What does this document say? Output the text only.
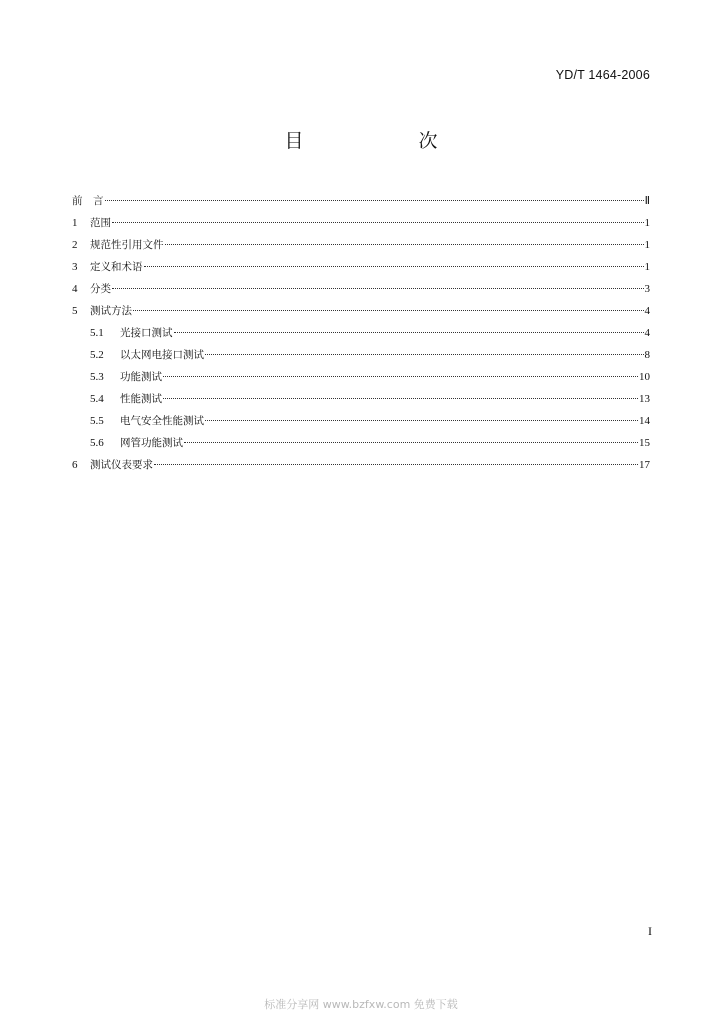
YD/T 1464-2006
目　次
前　言	Ⅱ
1	范围	1
2	规范性引用文件	1
3	定义和术语	1
4	分类	3
5	测试方法	4
5.1	光接口测试	4
5.2	以太网电接口测试	8
5.3	功能测试	10
5.4	性能测试	13
5.5	电气安全性能测试	14
5.6	网管功能测试	15
6	测试仪表要求	17
I
标准分享网 www.bzfxw.com 免费下载
